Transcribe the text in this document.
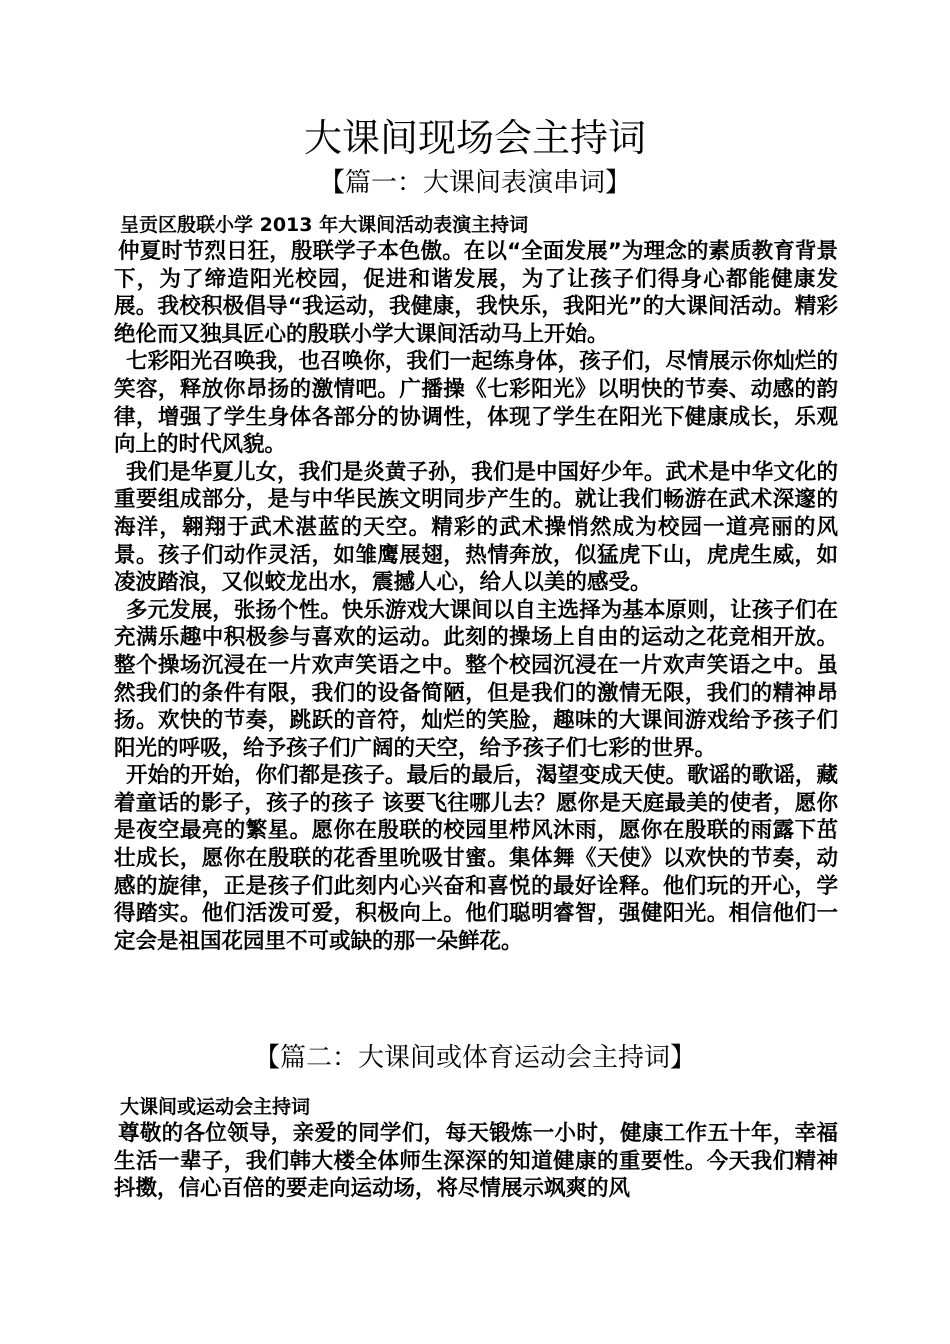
大课间现场会主持词
【篇一：大课间表演串词】

呈贡区殷联小学 2013 年大课间活动表演主持词

仲夏时节烈日狂，殷联学子本色傲。在以“全面发展”为理念的素质教育背景下，为了缔造阳光校园，促进和谐发展，为了让孩子们得身心都能健康发展。我校积极倡导“我运动，我健康，我快乐，我阳光”的大课间活动。精彩绝伦而又独具匠心的殷联小学大课间活动马上开始。

七彩阳光召唤我，也召唤你，我们一起练身体，孩子们，尽情展示你灿烂的笑容，释放你昂扬的激情吧。广播操《七彩阳光》以明快的节奏、动感的韵律，增强了学生身体各部分的协调性，体现了学生在阳光下健康成长，乐观向上的时代风貌。

我们是华夏儿女，我们是炎黄子孙，我们是中国好少年。武术是中华文化的重要组成部分，是与中华民族文明同步产生的。就让我们畅游在武术深邃的海洋，翱翔于武术湛蓝的天空。精彩的武术操悄然成为校园一道亮丽的风景。孩子们动作灵活，如雏鹰展翅，热情奔放，似猛虎下山，虎虎生威，如凌波踏浪，又似蛟龙出水，震撼人心，给人以美的感受。

多元发展，张扬个性。快乐游戏大课间以自主选择为基本原则，让孩子们在充满乐趣中积极参与喜欢的运动。此刻的操场上自由的运动之花竞相开放。整个操场沉浸在一片欢声笑语之中。整个校园沉浸在一片欢声笑语之中。虽然我们的条件有限，我们的设备简陋，但是我们的激情无限，我们的精神昂扬。欢快的节奏，跳跃的音符，灿烂的笑脸，趣味的大课间游戏给予孩子们阳光的呼吸，给予孩子们广阔的天空，给予孩子们七彩的世界。

开始的开始，你们都是孩子。最后的最后，渴望变成天使。歌谣的歌谣，藏着童话的影子，孩子的孩子 该要飞往哪儿去？愿你是天庭最美的使者，愿你是夜空最亮的繁星。愿你在殷联的校园里栉风沐雨，愿你在殷联的雨露下茁壮成长，愿你在殷联的花香里吮吸甘蜜。集体舞《天使》以欢快的节奏，动感的旋律，正是孩子们此刻内心兴奋和喜悦的最好诠释。他们玩的开心，学得踏实。他们活泼可爱，积极向上。他们聪明睿智，强健阳光。相信他们一定会是祖国花园里不可或缺的那一朵鲜花。

【篇二：大课间或体育运动会主持词】

大课间或运动会主持词

尊敬的各位领导，亲爱的同学们，每天锻炼一小时，健康工作五十年，幸福生活一辈子，我们韩大楼全体师生深深的知道健康的重要性。今天我们精神抖擞，信心百倍的要走向运动场，将尽情展示飒爽的风
